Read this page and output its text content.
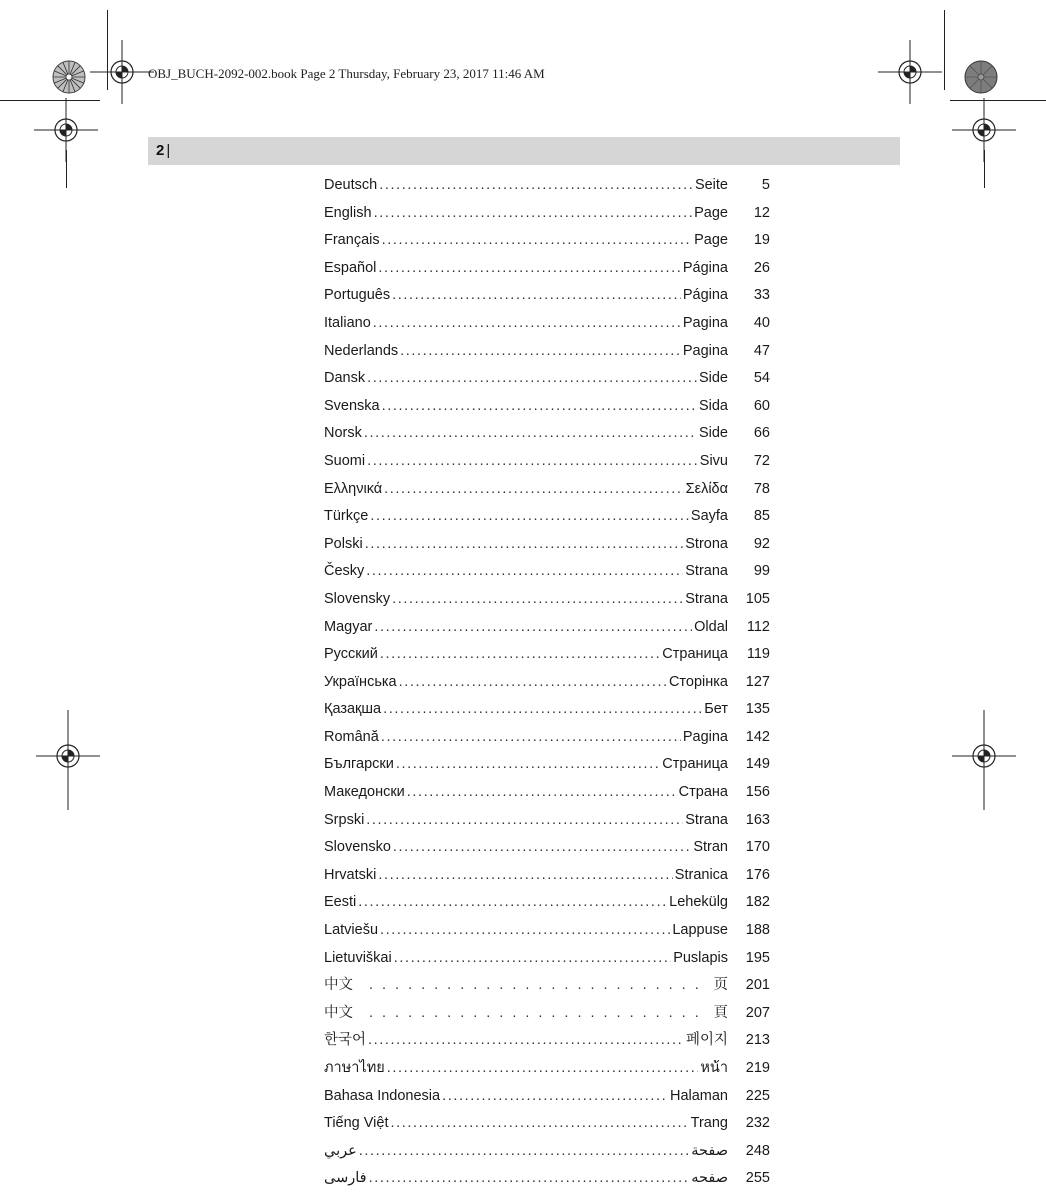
OBJ_BUCH-2092-002.book Page 2 Thursday, February 23, 2017 11:46 AM
2 |
Deutsch .....	Seite	5
English .....	Page	12
Français .....	Page	19
Español .....	Página	26
Português .....	Página	33
Italiano .....	Pagina	40
Nederlands .....	Pagina	47
Dansk .....	Side	54
Svenska .....	Sida	60
Norsk .....	Side	66
Suomi .....	Sivu	72
Ελληνικά .....	Σελίδα	78
Türkçe .....	Sayfa	85
Polski .....	Strona	92
Česky .....	Strana	99
Slovensky .....	Strana	105
Magyar .....	Oldal	112
Русский .....	Страница	119
Українська .....	Сторінка	127
Қазақша .....	Бет	135
Română .....	Pagina	142
Български .....	Страница	149
Македонски .....	Страна	156
Srpski .....	Strana	163
Slovensko .....	Stran	170
Hrvatski .....	Stranica	176
Eesti .....	Lehekülg	182
Latviešu .....	Lappuse	188
Lietuviškai .....	Puslapis	195
中文 .....	页	201
中文 .....	頁	207
한국어 .....	페이지	213
ภาษาไทย .....	หน้า	219
Bahasa Indonesia .....	Halaman	225
Tiếng Việt .....	Trang	232
عربي .....	صفحة	248
فارسی .....	صفحه	255
